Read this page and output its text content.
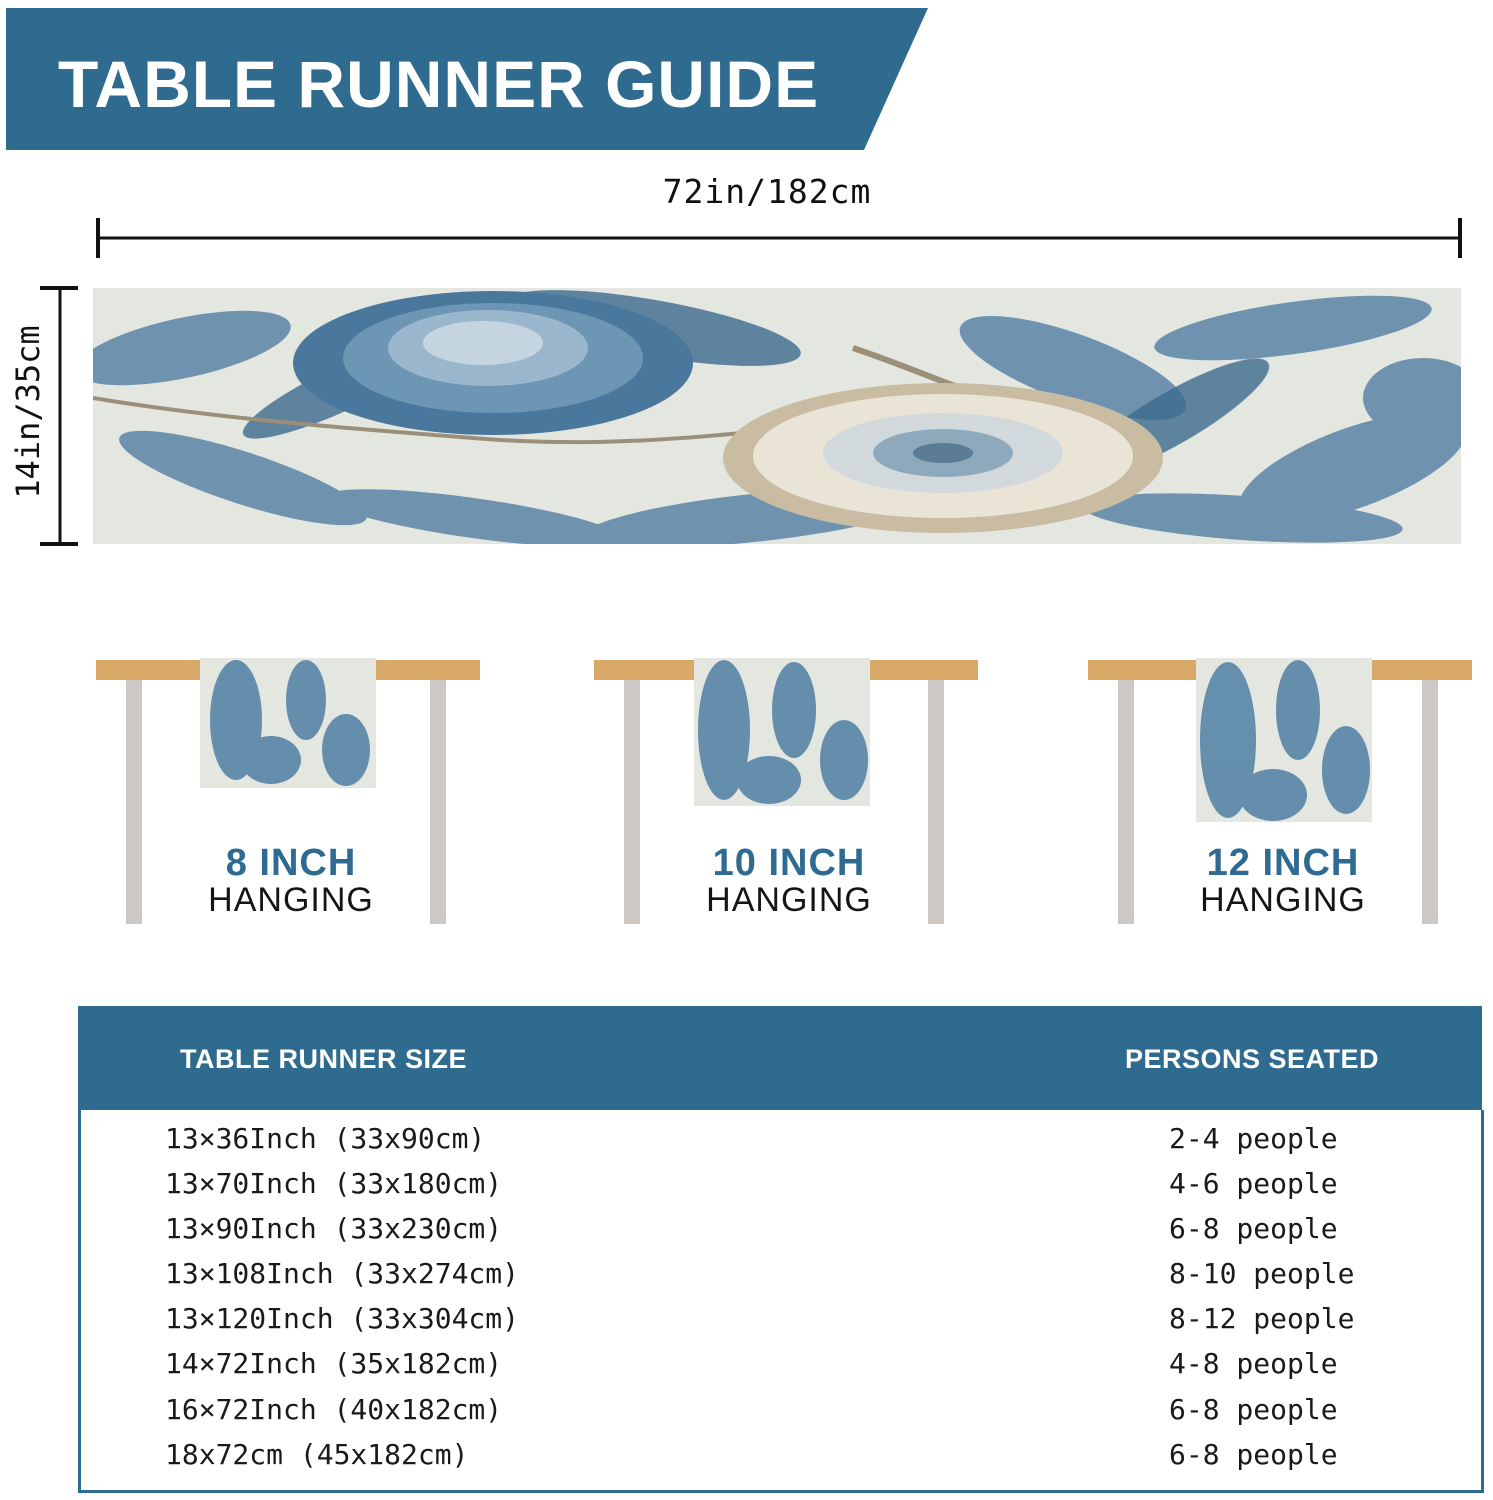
TABLE RUNNER GUIDE
72in/182cm
14in/35cm
8 INCH
HANGING
10 INCH
HANGING
12 INCH
HANGING
TABLE RUNNER SIZE	PERSONS SEATED
13×36Inch (33x90cm)	2-4 people
13×70Inch (33x180cm)	4-6 people
13×90Inch (33x230cm)	6-8 people
13×108Inch (33x274cm)	8-10 people
13×120Inch (33x304cm)	8-12 people
14×72Inch (35x182cm)	4-8 people
16×72Inch (40x182cm)	6-8 people
18x72cm (45x182cm)	6-8 people
